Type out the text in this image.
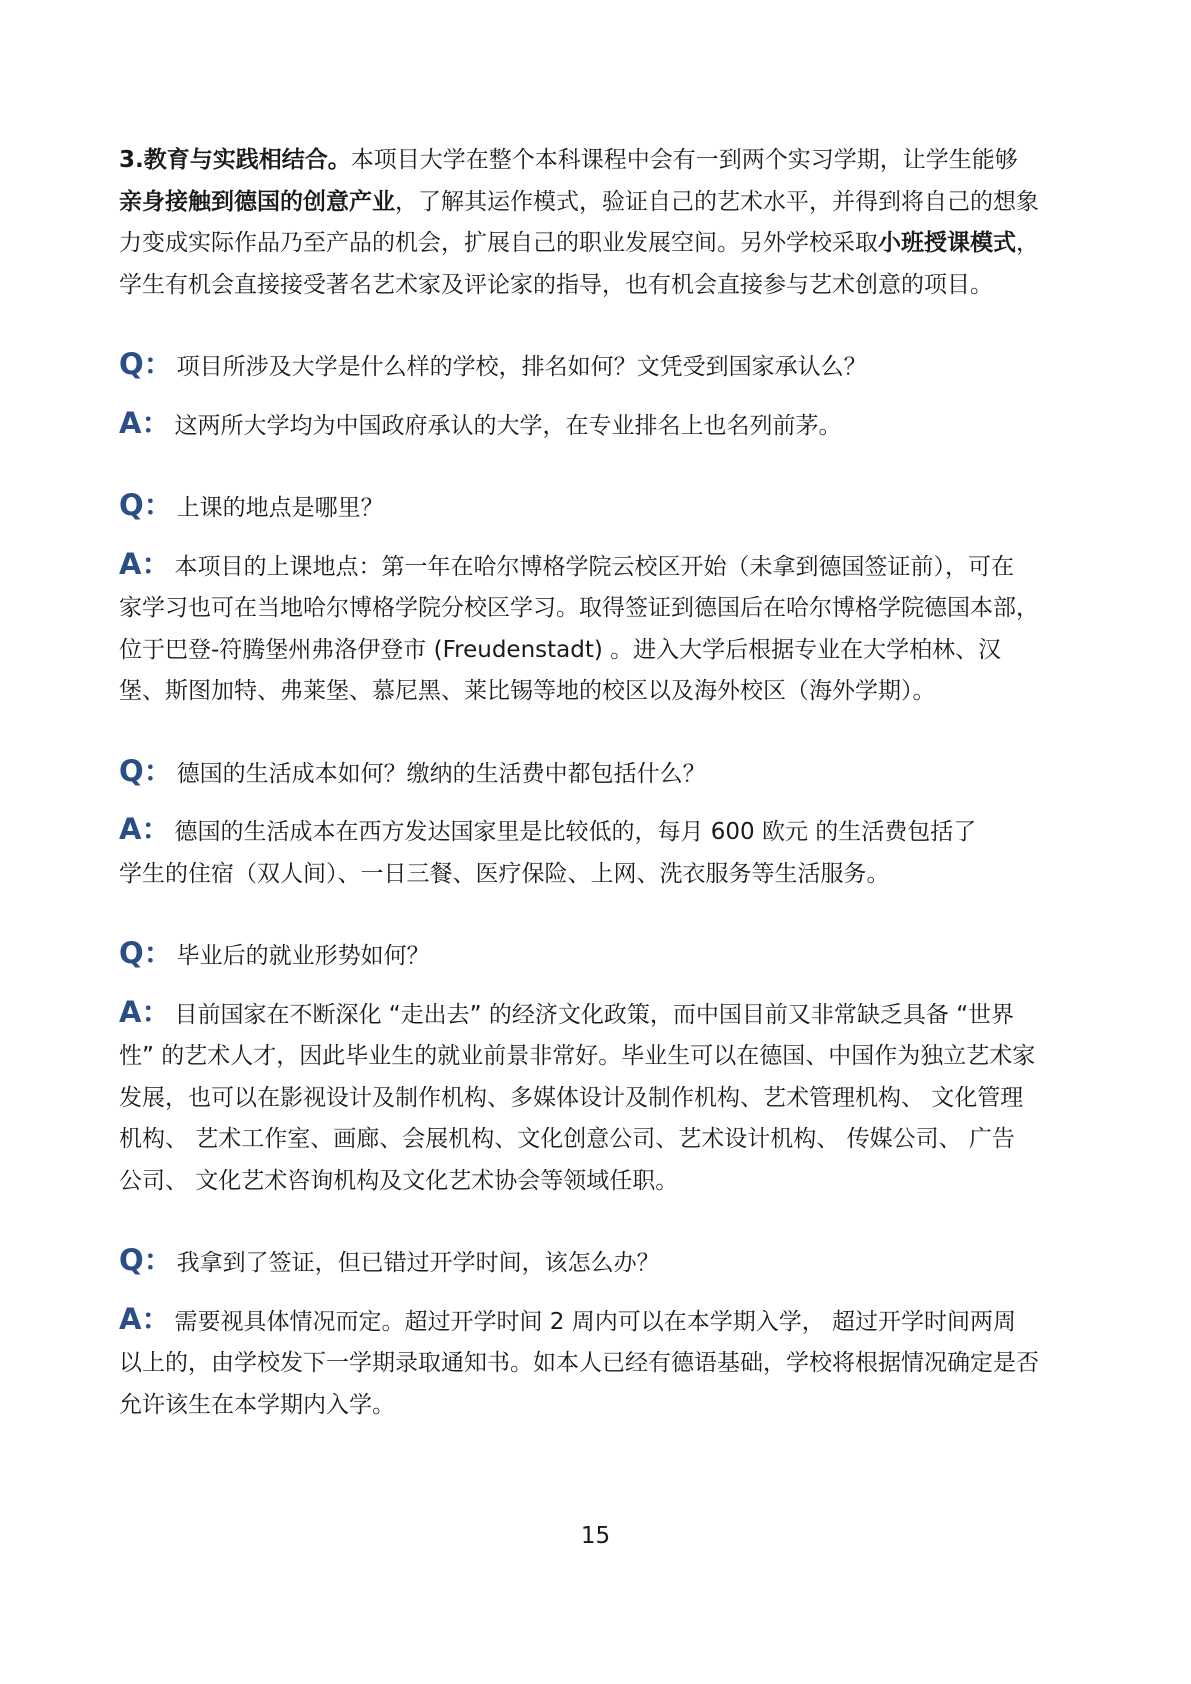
3.教育与实践相结合。本项目大学在整个本科课程中会有一到两个实习学期，让学生能够
亲身接触到德国的创意产业，了解其运作模式，验证自己的艺术水平，并得到将自己的想象
力变成实际作品乃至产品的机会，扩展自己的职业发展空间。另外学校采取小班授课模式，
学生有机会直接接受著名艺术家及评论家的指导，也有机会直接参与艺术创意的项目。
Q： 项目所涉及大学是什么样的学校，排名如何？文凭受到国家承认么？
A： 这两所大学均为中国政府承认的大学，在专业排名上也名列前茅。
Q： 上课的地点是哪里？
A： 本项目的上课地点：第一年在哈尔博格学院云校区开始（未拿到德国签证前），可在
家学习也可在当地哈尔博格学院分校区学习。取得签证到德国后在哈尔博格学院德国本部，
位于巴登-符腾堡州弗洛伊登市 (Freudenstadt) 。进入大学后根据专业在大学柏林、汉
堡、斯图加特、弗莱堡、慕尼黑、莱比锡等地的校区以及海外校区（海外学期）。
Q： 德国的生活成本如何？缴纳的生活费中都包括什么？
A： 德国的生活成本在西方发达国家里是比较低的，每月 600 欧元 的生活费包括了
学生的住宿（双人间）、一日三餐、医疗保险、上网、洗衣服务等生活服务。
Q： 毕业后的就业形势如何？
A： 目前国家在不断深化 “走出去” 的经济文化政策，而中国目前又非常缺乏具备 “世界
性” 的艺术人才，因此毕业生的就业前景非常好。毕业生可以在德国、中国作为独立艺术家
发展，也可以在影视设计及制作机构、多媒体设计及制作机构、艺术管理机构、 文化管理
机构、 艺术工作室、画廊、会展机构、文化创意公司、艺术设计机构、 传媒公司、 广告
公司、 文化艺术咨询机构及文化艺术协会等领域任职。
Q： 我拿到了签证，但已错过开学时间，该怎么办？
A： 需要视具体情况而定。超过开学时间 2 周内可以在本学期入学， 超过开学时间两周
以上的，由学校发下一学期录取通知书。如本人已经有德语基础，学校将根据情况确定是否
允许该生在本学期内入学。
15
